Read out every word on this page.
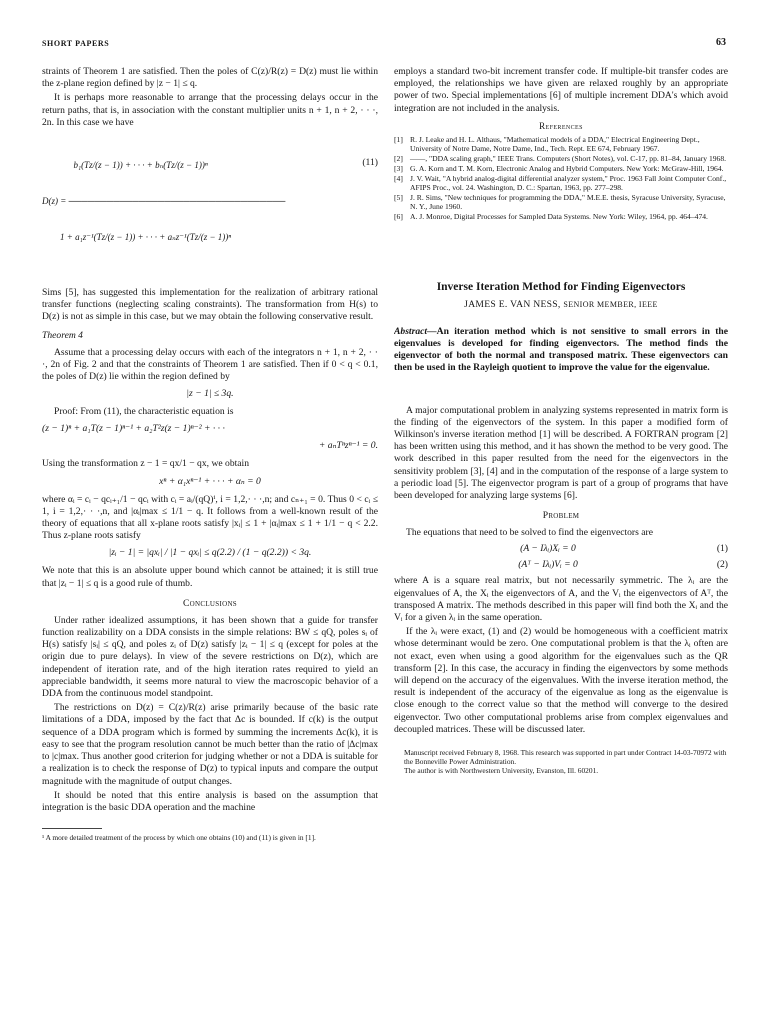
SHORT PAPERS	63

straints of Theorem 1 are satisfied. Then the poles of C(z)/R(z) = D(z) must lie within the z-plane region defined by |z − 1| ≤ q.

It is perhaps more reasonable to arrange that the processing delays occur in the return paths, that is, in association with the constant multiplier units n + 1, n + 2, · · ·, 2n. In this case we have

b₁(Tz/(z − 1)) + · · · + bₙ(Tz/(z − 1))ⁿ

D(z) = ──────────────────────────────────

1 + a₁z⁻¹(Tz/(z − 1)) + · · · + aₙz⁻¹(Tz/(z − 1))ⁿ

(11)

Sims [5], has suggested this implementation for the realization of arbitrary rational transfer functions (neglecting scaling constraints). The transformation from H(s) to D(z) is not as simple in this case, but we may obtain the following conservative result.

Theorem 4

Assume that a processing delay occurs with each of the integrators n + 1, n + 2, · · ·, 2n of Fig. 2 and that the constraints of Theorem 1 are satisfied. Then if 0 < q < 0.1, the poles of D(z) lie within the region defined by

|z − 1| ≤ 3q.

Proof: From (11), the characteristic equation is

(z − 1)ⁿ + a₁T(z − 1)ⁿ⁻¹ + a₂T²z(z − 1)ⁿ⁻² + · · ·
+ aₙTⁿzⁿ⁻¹ = 0.

Using the transformation z − 1 = qx/1 − qx, we obtain

xⁿ + α₁xⁿ⁻¹ + · · · + αₙ = 0

where αᵢ = cᵢ − qcᵢ₊₁/1 − qcᵢ with cᵢ = aᵢ/(qQ)ⁱ, i = 1,2,· · ·,n; and cₙ₊₁ = 0. Thus 0 < cᵢ ≤ 1, i = 1,2,· · ·,n, and |αᵢ|max ≤ 1/1 − q. It follows from a well-known result of the theory of equations that all x-plane roots satisfy |xᵢ| ≤ 1 + |αᵢ|max ≤ 1 + 1/1 − q < 2.2. Thus z-plane roots satisfy

|zᵢ − 1| = |qxᵢ| / |1 − qxᵢ| ≤ q(2.2) / (1 − q(2.2)) < 3q.

We note that this is an absolute upper bound which cannot be attained; it is still true that |zᵢ − 1| ≤ q is a good rule of thumb.

Conclusions

Under rather idealized assumptions, it has been shown that a guide for transfer function realizability on a DDA consists in the simple relations: BW ≤ qQ, poles sᵢ of H(s) satisfy |sᵢ| ≤ qQ, and poles zᵢ of D(z) satisfy |zᵢ − 1| ≤ q (except for poles at the origin due to pure delays). In view of the severe restrictions on D(z), which are independent of iteration rate, and of the high iteration rates required to yield an appreciable bandwidth, it seems more natural to view the macroscopic behavior of a DDA from the continuous model standpoint.

The restrictions on D(z) = C(z)/R(z) arise primarily because of the basic rate limitations of a DDA, imposed by the fact that Δc is bounded. If c(k) is the output sequence of a DDA program which is formed by summing the increments Δc(k), it is easy to see that the program resolution cannot be much better than the ratio of |Δc|max to |c|max. Thus another good criterion for judging whether or not a DDA is suitable for a realization is to check the response of D(z) to typical inputs and compare the output magnitude with the magnitude of output changes.

It should be noted that this entire analysis is based on the assumption that integration is the basic DDA operation and the machine

¹ A more detailed treatment of the process by which one obtains (10) and (11) is given in [1].

employs a standard two-bit increment transfer code. If multiple-bit transfer codes are employed, the relationships we have given are relaxed roughly by an appropriate power of two. Special implementations [6] of multiple increment DDA's which avoid integration are not included in the analysis.

References
[1] R. J. Leake and H. L. Althaus, "Mathematical models of a DDA," Electrical Engineering Dept., University of Notre Dame, Notre Dame, Ind., Tech. Rept. EE 674, February 1967.
[2] ——, "DDA scaling graph," IEEE Trans. Computers (Short Notes), vol. C-17, pp. 81–84, January 1968.
[3] G. A. Korn and T. M. Korn, Electronic Analog and Hybrid Computers. New York: McGraw-Hill, 1964.
[4] J. V. Wait, "A hybrid analog-digital differential analyzer system," Proc. 1963 Fall Joint Computer Conf., AFIPS Proc., vol. 24. Washington, D. C.: Spartan, 1963, pp. 277–298.
[5] J. R. Sims, "New techniques for programming the DDA," M.E.E. thesis, Syracuse University, Syracuse, N. Y., June 1960.
[6] A. J. Monroe, Digital Processes for Sampled Data Systems. New York: Wiley, 1964, pp. 464–474.
Inverse Iteration Method for Finding Eigenvectors
JAMES E. VAN NESS, SENIOR MEMBER, IEEE
Abstract—An iteration method which is not sensitive to small errors in the eigenvalues is developed for finding eigenvectors. The method finds the eigenvector of both the normal and transposed matrix. These eigenvectors can then be used in the Rayleigh quotient to improve the value for the eigenvalue.

A major computational problem in analyzing systems represented in matrix form is the finding of the eigenvectors of the system. In this paper a modified form of Wilkinson's inverse iteration method [1] will be described. A FORTRAN program [2] has been written using this method, and it has shown the method to be very good. The work described in this paper resulted from the need for the eigenvectors in the sensitivity problem [3], [4] and in the computation of the response of a large system to a periodic load [5]. The eigenvector program is part of a group of programs that have been developed for analyzing large systems [6].

Problem

The equations that need to be solved to find the eigenvectors are

(A − Iλᵢ)Xᵢ = 0	(1)
(Aᵀ − Iλᵢ)Vᵢ = 0	(2)

where A is a square real matrix, but not necessarily symmetric. The λᵢ are the eigenvalues of A, the Xᵢ the eigenvectors of A, and the Vᵢ the eigenvectors of Aᵀ, the transposed A matrix. The methods described in this paper will find both the Xᵢ and the Vᵢ for a given λᵢ in the same operation.

If the λᵢ were exact, (1) and (2) would be homogeneous with a coefficient matrix whose determinant would be zero. One computational problem is that the λᵢ often are not exact, even when using a good algorithm for the eigenvalues such as the QR transform [2]. In this case, the accuracy in finding the eigenvectors by some methods will depend on the accuracy of the eigenvalues. With the inverse iteration method, the result is independent of the accuracy of the eigenvalue as long as the eigenvalue is close enough to the correct value so that the method will converge to the desired eigenvector. Two other computational problems arise from complex eigenvalues and decoupled matrices. These will be discussed later.

Manuscript received February 8, 1968. This research was supported in part under Contract 14-03-70972 with the Bonneville Power Administration.
The author is with Northwestern University, Evanston, Ill. 60201.
